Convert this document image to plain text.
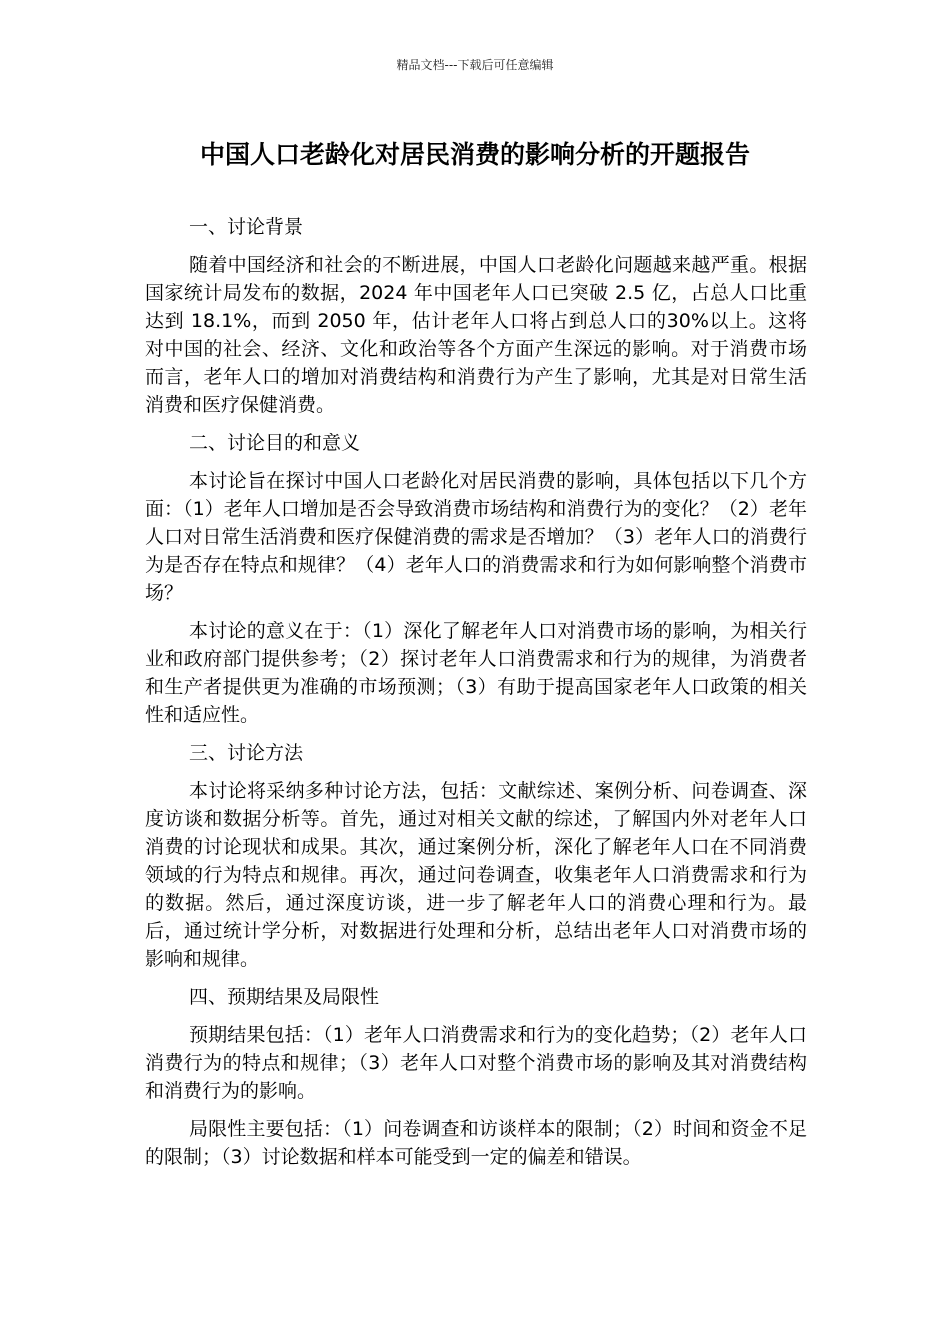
精品文档---下载后可任意编辑
中国人口老龄化对居民消费的影响分析的开题报告
一、讨论背景

随着中国经济和社会的不断进展，中国人口老龄化问题越来越严重。根据国家统计局发布的数据，2024 年中国老年人口已突破 2.5 亿，占总人口比重达到 18.1%，而到 2050 年，估计老年人口将占到总人口的30%以上。这将对中国的社会、经济、文化和政治等各个方面产生深远的影响。对于消费市场而言，老年人口的增加对消费结构和消费行为产生了影响，尤其是对日常生活消费和医疗保健消费。

二、讨论目的和意义

本讨论旨在探讨中国人口老龄化对居民消费的影响，具体包括以下几个方面：（1）老年人口增加是否会导致消费市场结构和消费行为的变化？（2）老年人口对日常生活消费和医疗保健消费的需求是否增加？（3）老年人口的消费行为是否存在特点和规律？（4）老年人口的消费需求和行为如何影响整个消费市场？

本讨论的意义在于：（1）深化了解老年人口对消费市场的影响，为相关行业和政府部门提供参考；（2）探讨老年人口消费需求和行为的规律，为消费者和生产者提供更为准确的市场预测；（3）有助于提高国家老年人口政策的相关性和适应性。

三、讨论方法

本讨论将采纳多种讨论方法，包括：文献综述、案例分析、问卷调查、深度访谈和数据分析等。首先，通过对相关文献的综述，了解国内外对老年人口消费的讨论现状和成果。其次，通过案例分析，深化了解老年人口在不同消费领域的行为特点和规律。再次，通过问卷调查，收集老年人口消费需求和行为的数据。然后，通过深度访谈，进一步了解老年人口的消费心理和行为。最后，通过统计学分析，对数据进行处理和分析，总结出老年人口对消费市场的影响和规律。

四、预期结果及局限性

预期结果包括：（1）老年人口消费需求和行为的变化趋势；（2）老年人口消费行为的特点和规律；（3）老年人口对整个消费市场的影响及其对消费结构和消费行为的影响。

局限性主要包括：（1）问卷调查和访谈样本的限制；（2）时间和资金不足的限制；（3）讨论数据和样本可能受到一定的偏差和错误。
